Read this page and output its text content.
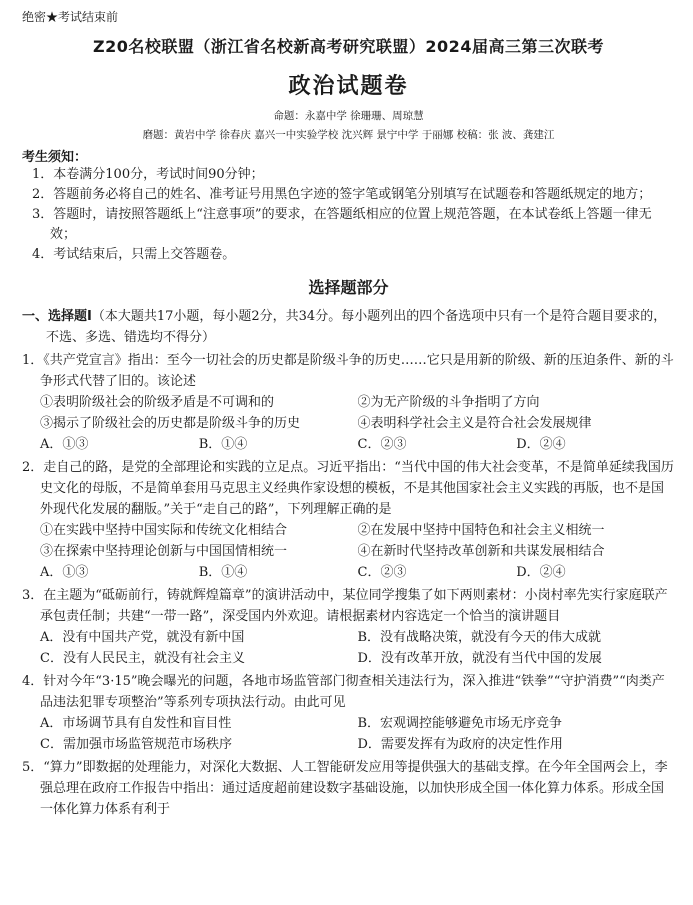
绝密★考试结束前
Z20名校联盟（浙江省名校新高考研究联盟）2024届高三第三次联考
政治试题卷
命题：永嘉中学 徐珊珊、周琼慧
磨题：黄岩中学 徐春庆 嘉兴一中实验学校 沈兴辉 景宁中学 于丽娜 校稿：张 波、龚建江
考生须知：
1．本卷满分100分，考试时间90分钟；
2．答题前务必将自己的姓名、准考证号用黑色字迹的签字笔或钢笔分别填写在试题卷和答题纸规定的地方；
3．答题时，请按照答题纸上“注意事项”的要求，在答题纸相应的位置上规范答题，在本试卷纸上答题一律无效；
4．考试结束后，只需上交答题卷。
选择题部分
一、选择题Ⅰ（本大题共17小题，每小题2分，共34分。每小题列出的四个备选项中只有一个是符合题目要求的，不选、多选、错选均不得分）
1．《共产党宣言》指出：至今一切社会的历史都是阶级斗争的历史……它只是用新的阶级、新的压迫条件、新的斗争形式代替了旧的。该论述
①表明阶级社会的阶级矛盾是不可调和的	②为无产阶级的斗争指明了方向
③揭示了阶级社会的历史都是阶级斗争的历史	④表明科学社会主义是符合社会发展规律
A．①③	B．①④	C．②③	D．②④
2．走自己的路，是党的全部理论和实践的立足点。习近平指出：“当代中国的伟大社会变革，不是简单延续我国历史文化的母版，不是简单套用马克思主义经典作家设想的模板，不是其他国家社会主义实践的再版，也不是国外现代化发展的翻版。”关于“走自己的路”，下列理解正确的是
①在实践中坚持中国实际和传统文化相结合	②在发展中坚持中国特色和社会主义相统一
③在探索中坚持理论创新与中国国情相统一	④在新时代坚持改革创新和共谋发展相结合
A．①③	B．①④	C．②③	D．②④
3．在主题为“砥砺前行，铸就辉煌篇章”的演讲活动中，某位同学搜集了如下两则素材：小岗村率先实行家庭联产承包责任制；共建“一带一路”，深受国内外欢迎。请根据素材内容选定一个恰当的演讲题目
A．没有中国共产党，就没有新中国	B．没有战略决策，就没有今天的伟大成就
C．没有人民民主，就没有社会主义	D．没有改革开放，就没有当代中国的发展
4．针对今年“3·15”晚会曝光的问题，各地市场监管部门彻查相关违法行为，深入推进“铁拳”“守护消费”“肉类产品违法犯罪专项整治”等系列专项执法行动。由此可见
A．市场调节具有自发性和盲目性	B．宏观调控能够避免市场无序竞争
C．需加强市场监管规范市场秩序	D．需要发挥有为政府的决定性作用
5．“算力”即数据的处理能力，对深化大数据、人工智能研发应用等提供强大的基础支撑。在今年全国两会上，李强总理在政府工作报告中指出：通过适度超前建设数字基础设施，以加快形成全国一体化算力体系。形成全国一体化算力体系有利于
